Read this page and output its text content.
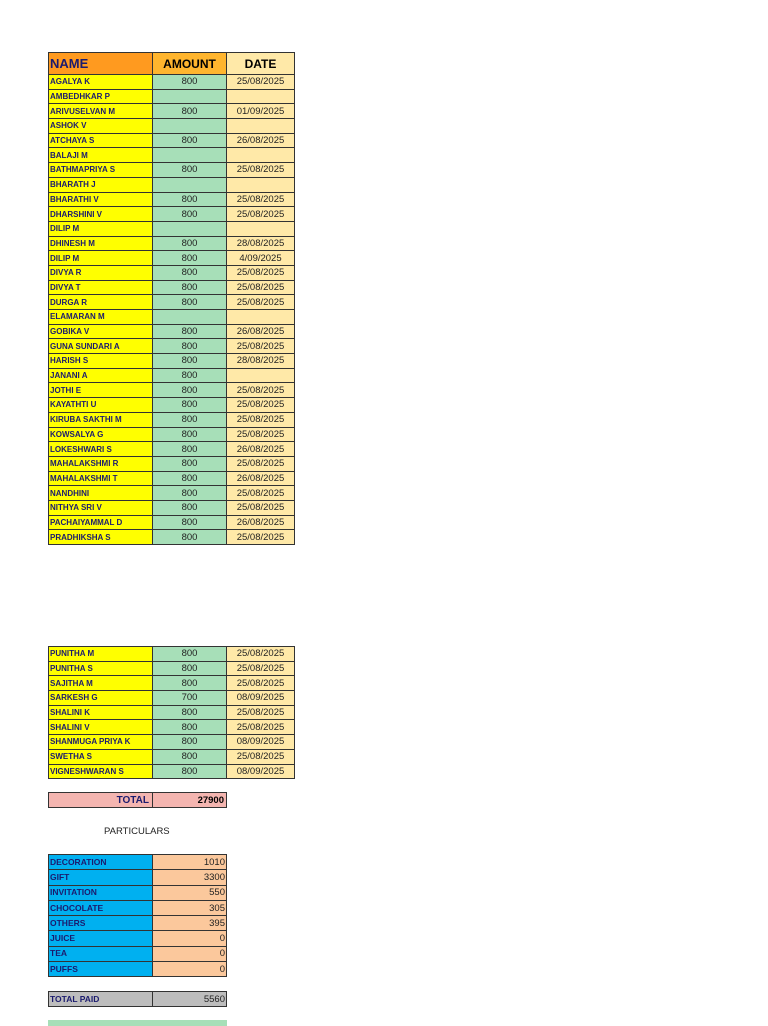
NAME	AMOUNT	DATE
AGALYA K	800	25/08/2025
AMBEDHKAR P		
ARIVUSELVAN M	800	01/09/2025
ASHOK V		
ATCHAYA S	800	26/08/2025
BALAJI M		
BATHMAPRIYA S	800	25/08/2025
BHARATH J		
BHARATHI V	800	25/08/2025
DHARSHINI V	800	25/08/2025
DILIP M		
DHINESH M	800	28/08/2025
DILIP M	800	4/09/2025
DIVYA R	800	25/08/2025
DIVYA T	800	25/08/2025
DURGA R	800	25/08/2025
ELAMARAN M		
GOBIKA V	800	26/08/2025
GUNA SUNDARI A	800	25/08/2025
HARISH S	800	28/08/2025
JANANI A	800	
JOTHI E	800	25/08/2025
KAYATHTI U	800	25/08/2025
KIRUBA SAKTHI M	800	25/08/2025
KOWSALYA G	800	25/08/2025
LOKESHWARI S	800	26/08/2025
MAHALAKSHMI R	800	25/08/2025
MAHALAKSHMI T	800	26/08/2025
NANDHINI	800	25/08/2025
NITHYA SRI V	800	25/08/2025
PACHAIYAMMAL D	800	26/08/2025
PRADHIKSHA S	800	25/08/2025
PUNITHA M	800	25/08/2025
PUNITHA S	800	25/08/2025
SAJITHA M	800	25/08/2025
SARKESH G	700	08/09/2025
SHALINI K	800	25/08/2025
SHALINI V	800	25/08/2025
SHANMUGA PRIYA K	800	08/09/2025
SWETHA S	800	25/08/2025
VIGNESHWARAN S	800	08/09/2025
TOTAL	27900
PARTICULARS
DECORATION	1010
GIFT	3300
INVITATION	550
CHOCOLATE	305
OTHERS	395
JUICE	0
TEA	0
PUFFS	0
TOTAL PAID	5560
